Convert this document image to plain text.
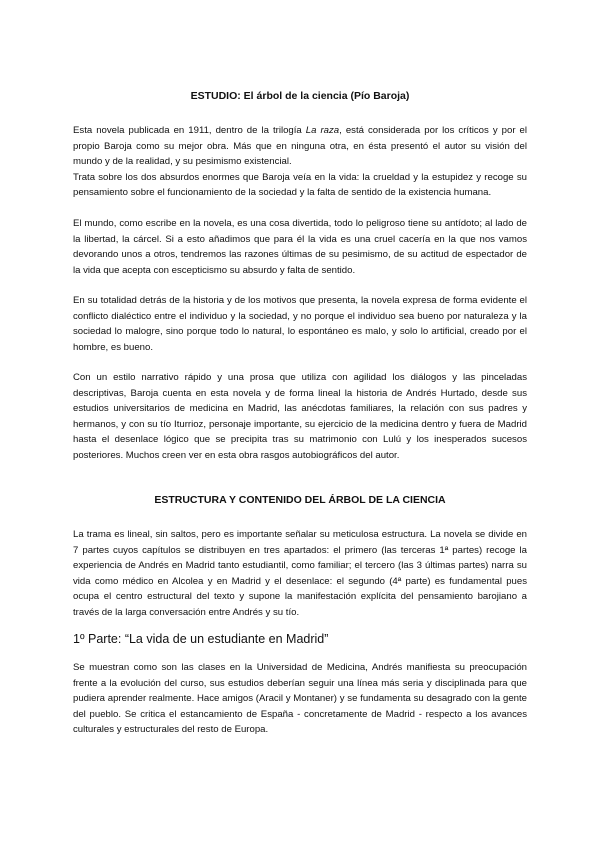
ESTUDIO: El árbol de la ciencia (Pío Baroja)

Esta novela publicada en 1911, dentro de la trilogía La raza, está considerada por los críticos y por el propio Baroja como su mejor obra. Más que en ninguna otra, en ésta presentó el autor su visión del mundo y de la realidad, y su pesimismo existencial.

Trata sobre los dos absurdos enormes que Baroja veía en la vida: la crueldad y la estupidez y recoge su pensamiento sobre el funcionamiento de la sociedad y la falta de sentido de la existencia humana.

El mundo, como escribe en la novela, es una cosa divertida, todo lo peligroso tiene su antídoto; al lado de la libertad, la cárcel. Si a esto añadimos que para él la vida es una cruel cacería en la que nos vamos devorando unos a otros, tendremos las razones últimas de su pesimismo, de su actitud de espectador de la vida que acepta con escepticismo su absurdo y falta de sentido.

En su totalidad detrás de la historia y de los motivos que presenta, la novela expresa de forma evidente el conflicto dialéctico entre el individuo y la sociedad, y no porque el individuo sea bueno por naturaleza y la sociedad lo malogre, sino porque todo lo natural, lo espontáneo es malo, y solo lo artificial, creado por el hombre, es bueno.

Con un estilo narrativo rápido y una prosa que utiliza con agilidad los diálogos y las pinceladas descriptivas, Baroja cuenta en esta novela y de forma lineal la historia de Andrés Hurtado, desde sus estudios universitarios de medicina en Madrid, las anécdotas familiares, la relación con sus padres y hermanos, y con su tío Iturrioz, personaje importante, su ejercicio de la medicina dentro y fuera de Madrid hasta el desenlace lógico que se precipita tras su matrimonio con Lulú y los inesperados sucesos posteriores. Muchos creen ver en esta obra rasgos autobiográficos del autor.

ESTRUCTURA Y CONTENIDO DEL ÁRBOL DE LA CIENCIA

La trama es lineal, sin saltos, pero es importante señalar su meticulosa estructura. La novela se divide en 7 partes cuyos capítulos se distribuyen en tres apartados: el primero (las terceras 1ª partes) recoge la experiencia de Andrés en Madrid tanto estudiantil, como familiar; el tercero (las 3 últimas partes) narra su vida como médico en Alcolea y en Madrid y el desenlace: el segundo (4ª parte) es fundamental pues ocupa el centro estructural del texto y supone la manifestación explícita del pensamiento barojiano a través de la larga conversación entre Andrés y su tío.

1º Parte: “La vida de un estudiante en Madrid”

Se muestran como son las clases en la Universidad de Medicina, Andrés manifiesta su preocupación frente a la evolución del curso, sus estudios deberían seguir una línea más seria y disciplinada para que pudiera aprender realmente. Hace amigos (Aracil y Montaner) y se fundamenta su desagrado con la gente del pueblo. Se critica el estancamiento de España - concretamente de Madrid - respecto a los avances culturales y estructurales del resto de Europa.
